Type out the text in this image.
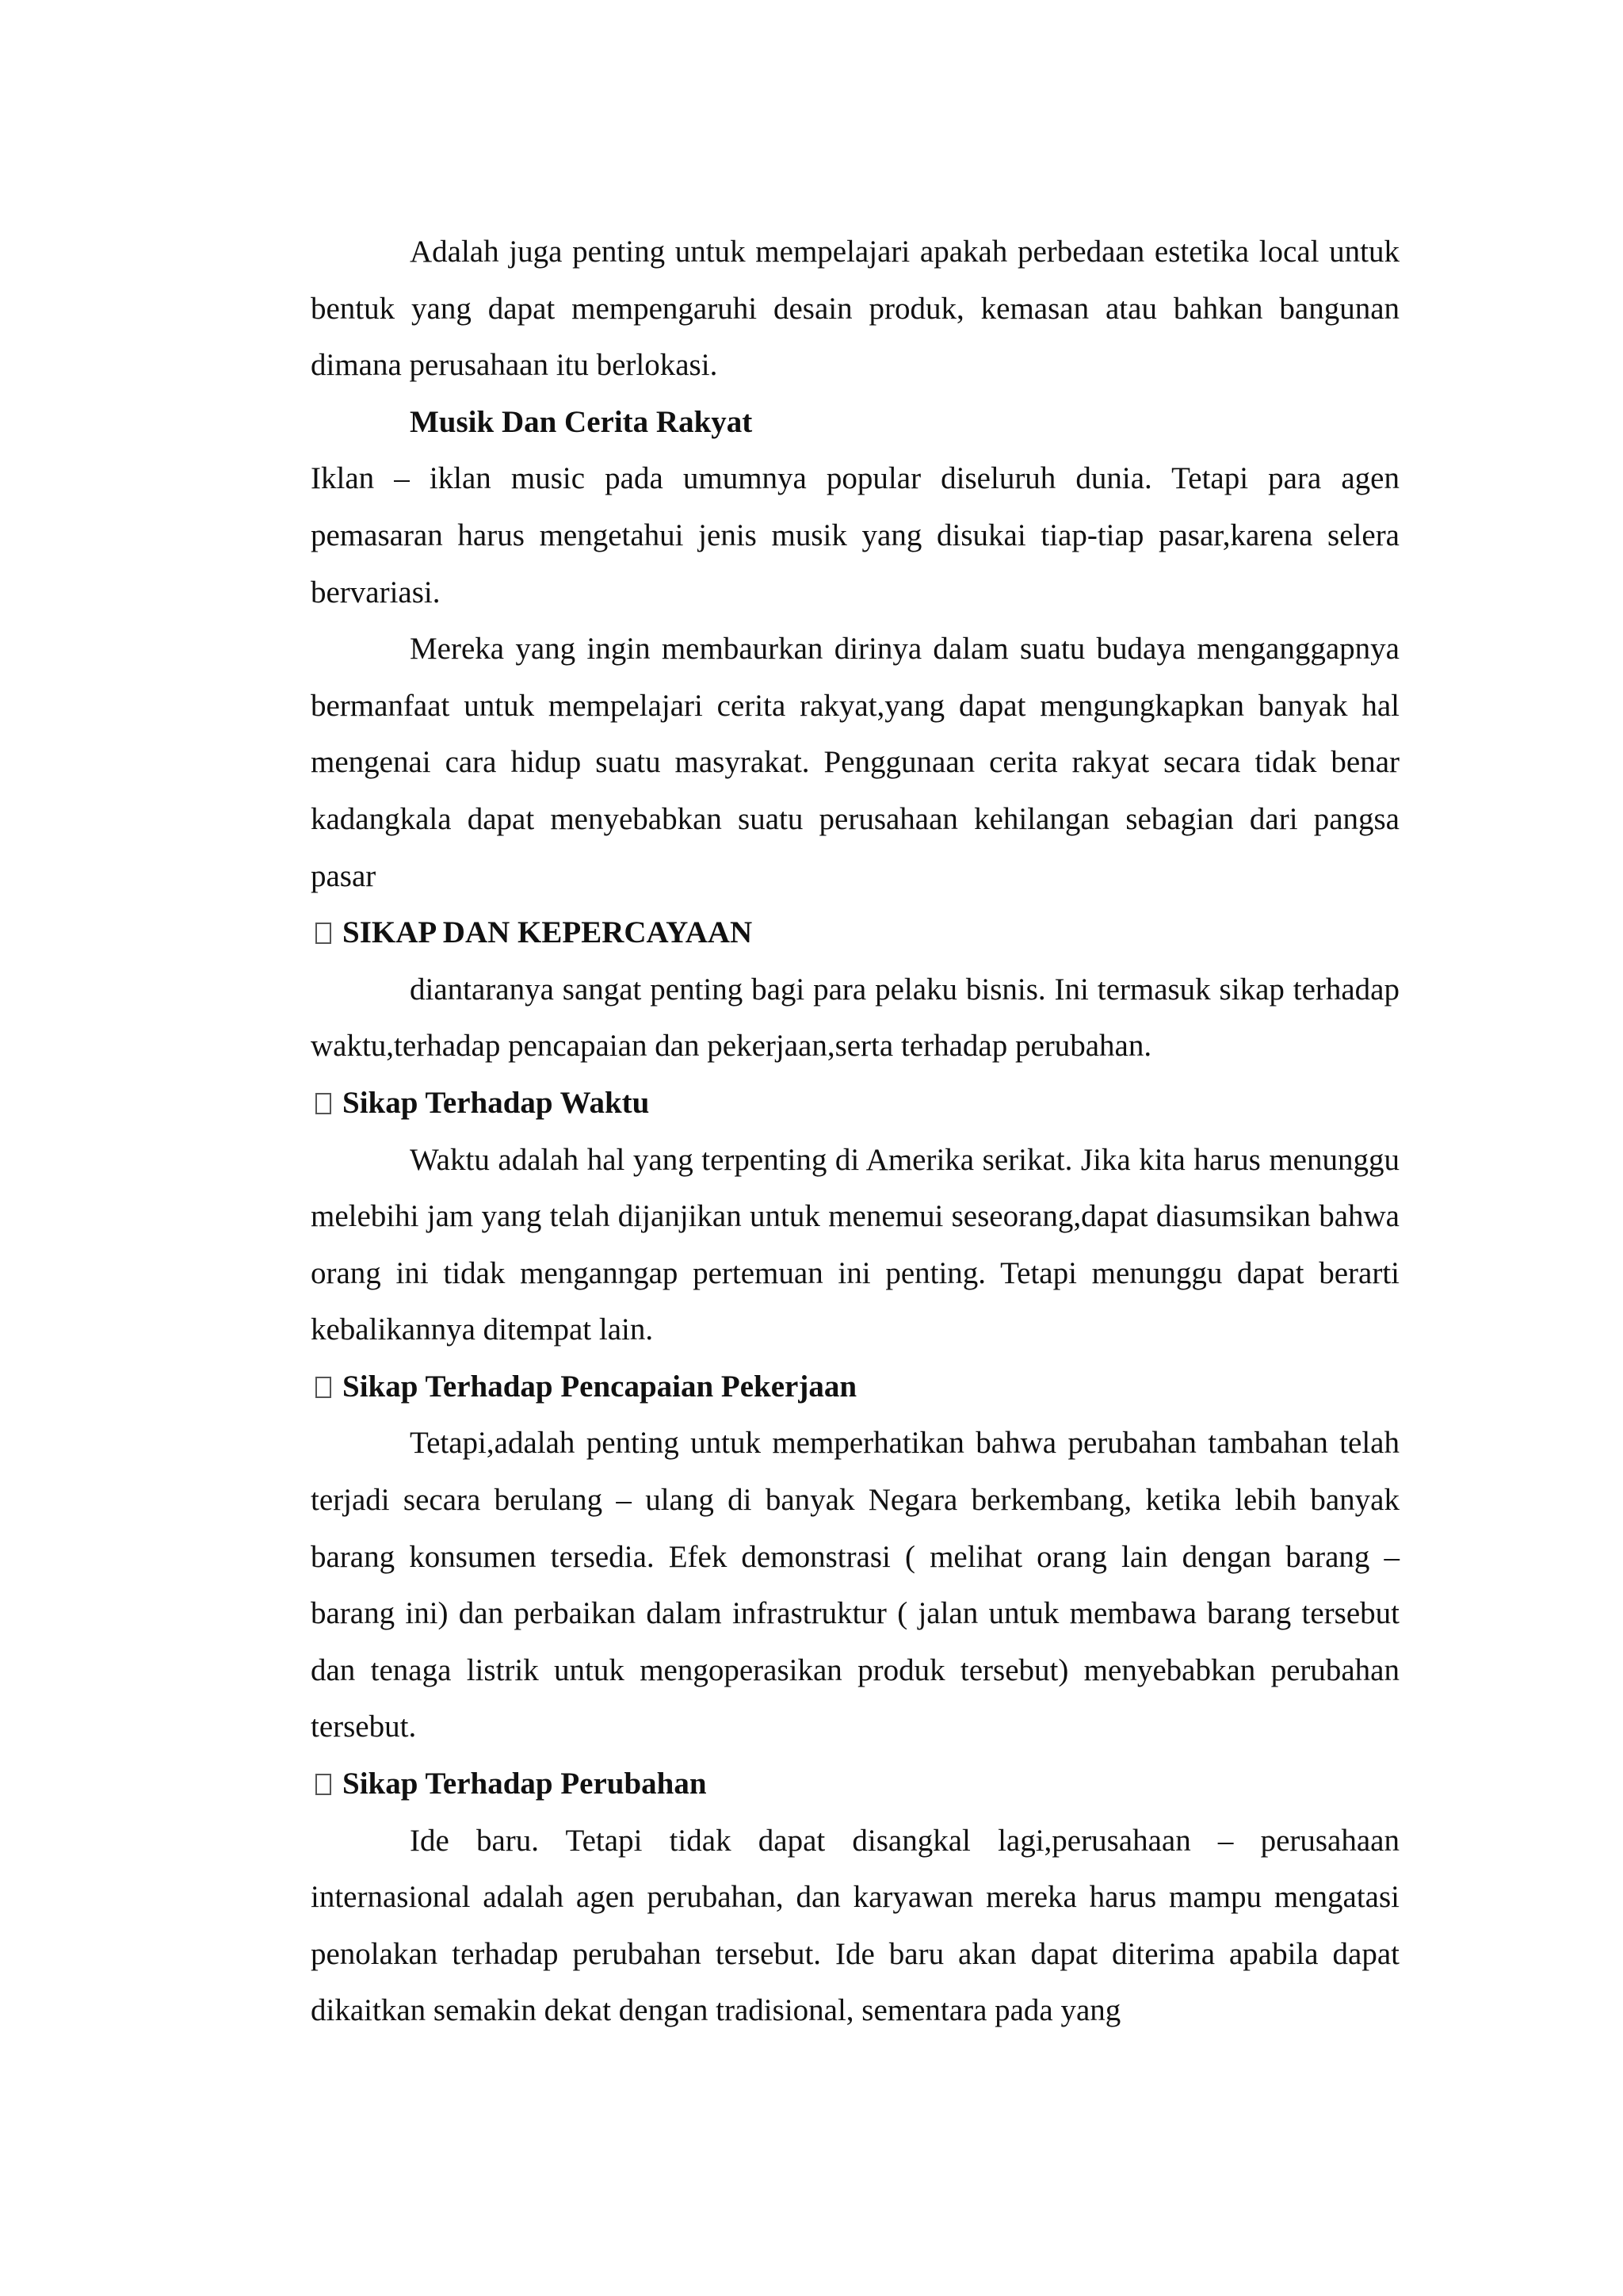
Adalah juga penting untuk mempelajari apakah perbedaan estetika local untuk bentuk yang dapat mempengaruhi desain produk, kemasan atau bahkan bangunan dimana perusahaan itu berlokasi.

Musik Dan Cerita Rakyat

Iklan – iklan music pada umumnya popular diseluruh dunia. Tetapi para agen pemasaran harus mengetahui jenis musik yang disukai tiap-tiap pasar,karena selera bervariasi.

Mereka yang ingin membaurkan dirinya dalam suatu budaya menganggapnya bermanfaat untuk mempelajari cerita rakyat,yang dapat mengungkapkan banyak hal mengenai cara hidup suatu masyrakat. Penggunaan cerita rakyat secara tidak benar kadangkala dapat menyebabkan suatu perusahaan kehilangan sebagian dari pangsa pasar

SIKAP DAN KEPERCAYAAN

diantaranya sangat penting bagi para pelaku bisnis. Ini termasuk sikap terhadap waktu,terhadap pencapaian dan pekerjaan,serta terhadap perubahan.

Sikap Terhadap Waktu

Waktu adalah hal yang terpenting di Amerika serikat. Jika kita harus menunggu melebihi jam yang telah dijanjikan untuk menemui seseorang,dapat diasumsikan bahwa orang ini tidak menganngap pertemuan ini penting. Tetapi menunggu dapat berarti kebalikannya ditempat lain.

Sikap Terhadap Pencapaian Pekerjaan

Tetapi,adalah penting untuk memperhatikan bahwa perubahan tambahan telah terjadi secara berulang – ulang di banyak Negara berkembang, ketika lebih banyak barang konsumen tersedia. Efek demonstrasi ( melihat orang lain dengan barang – barang ini) dan perbaikan dalam infrastruktur ( jalan untuk membawa barang tersebut dan tenaga listrik untuk mengoperasikan produk tersebut) menyebabkan perubahan tersebut.

Sikap Terhadap Perubahan

Ide baru. Tetapi tidak dapat disangkal lagi,perusahaan – perusahaan internasional adalah agen perubahan, dan karyawan mereka harus mampu mengatasi penolakan terhadap perubahan tersebut. Ide baru akan dapat diterima apabila dapat dikaitkan semakin dekat dengan tradisional, sementara pada yang
